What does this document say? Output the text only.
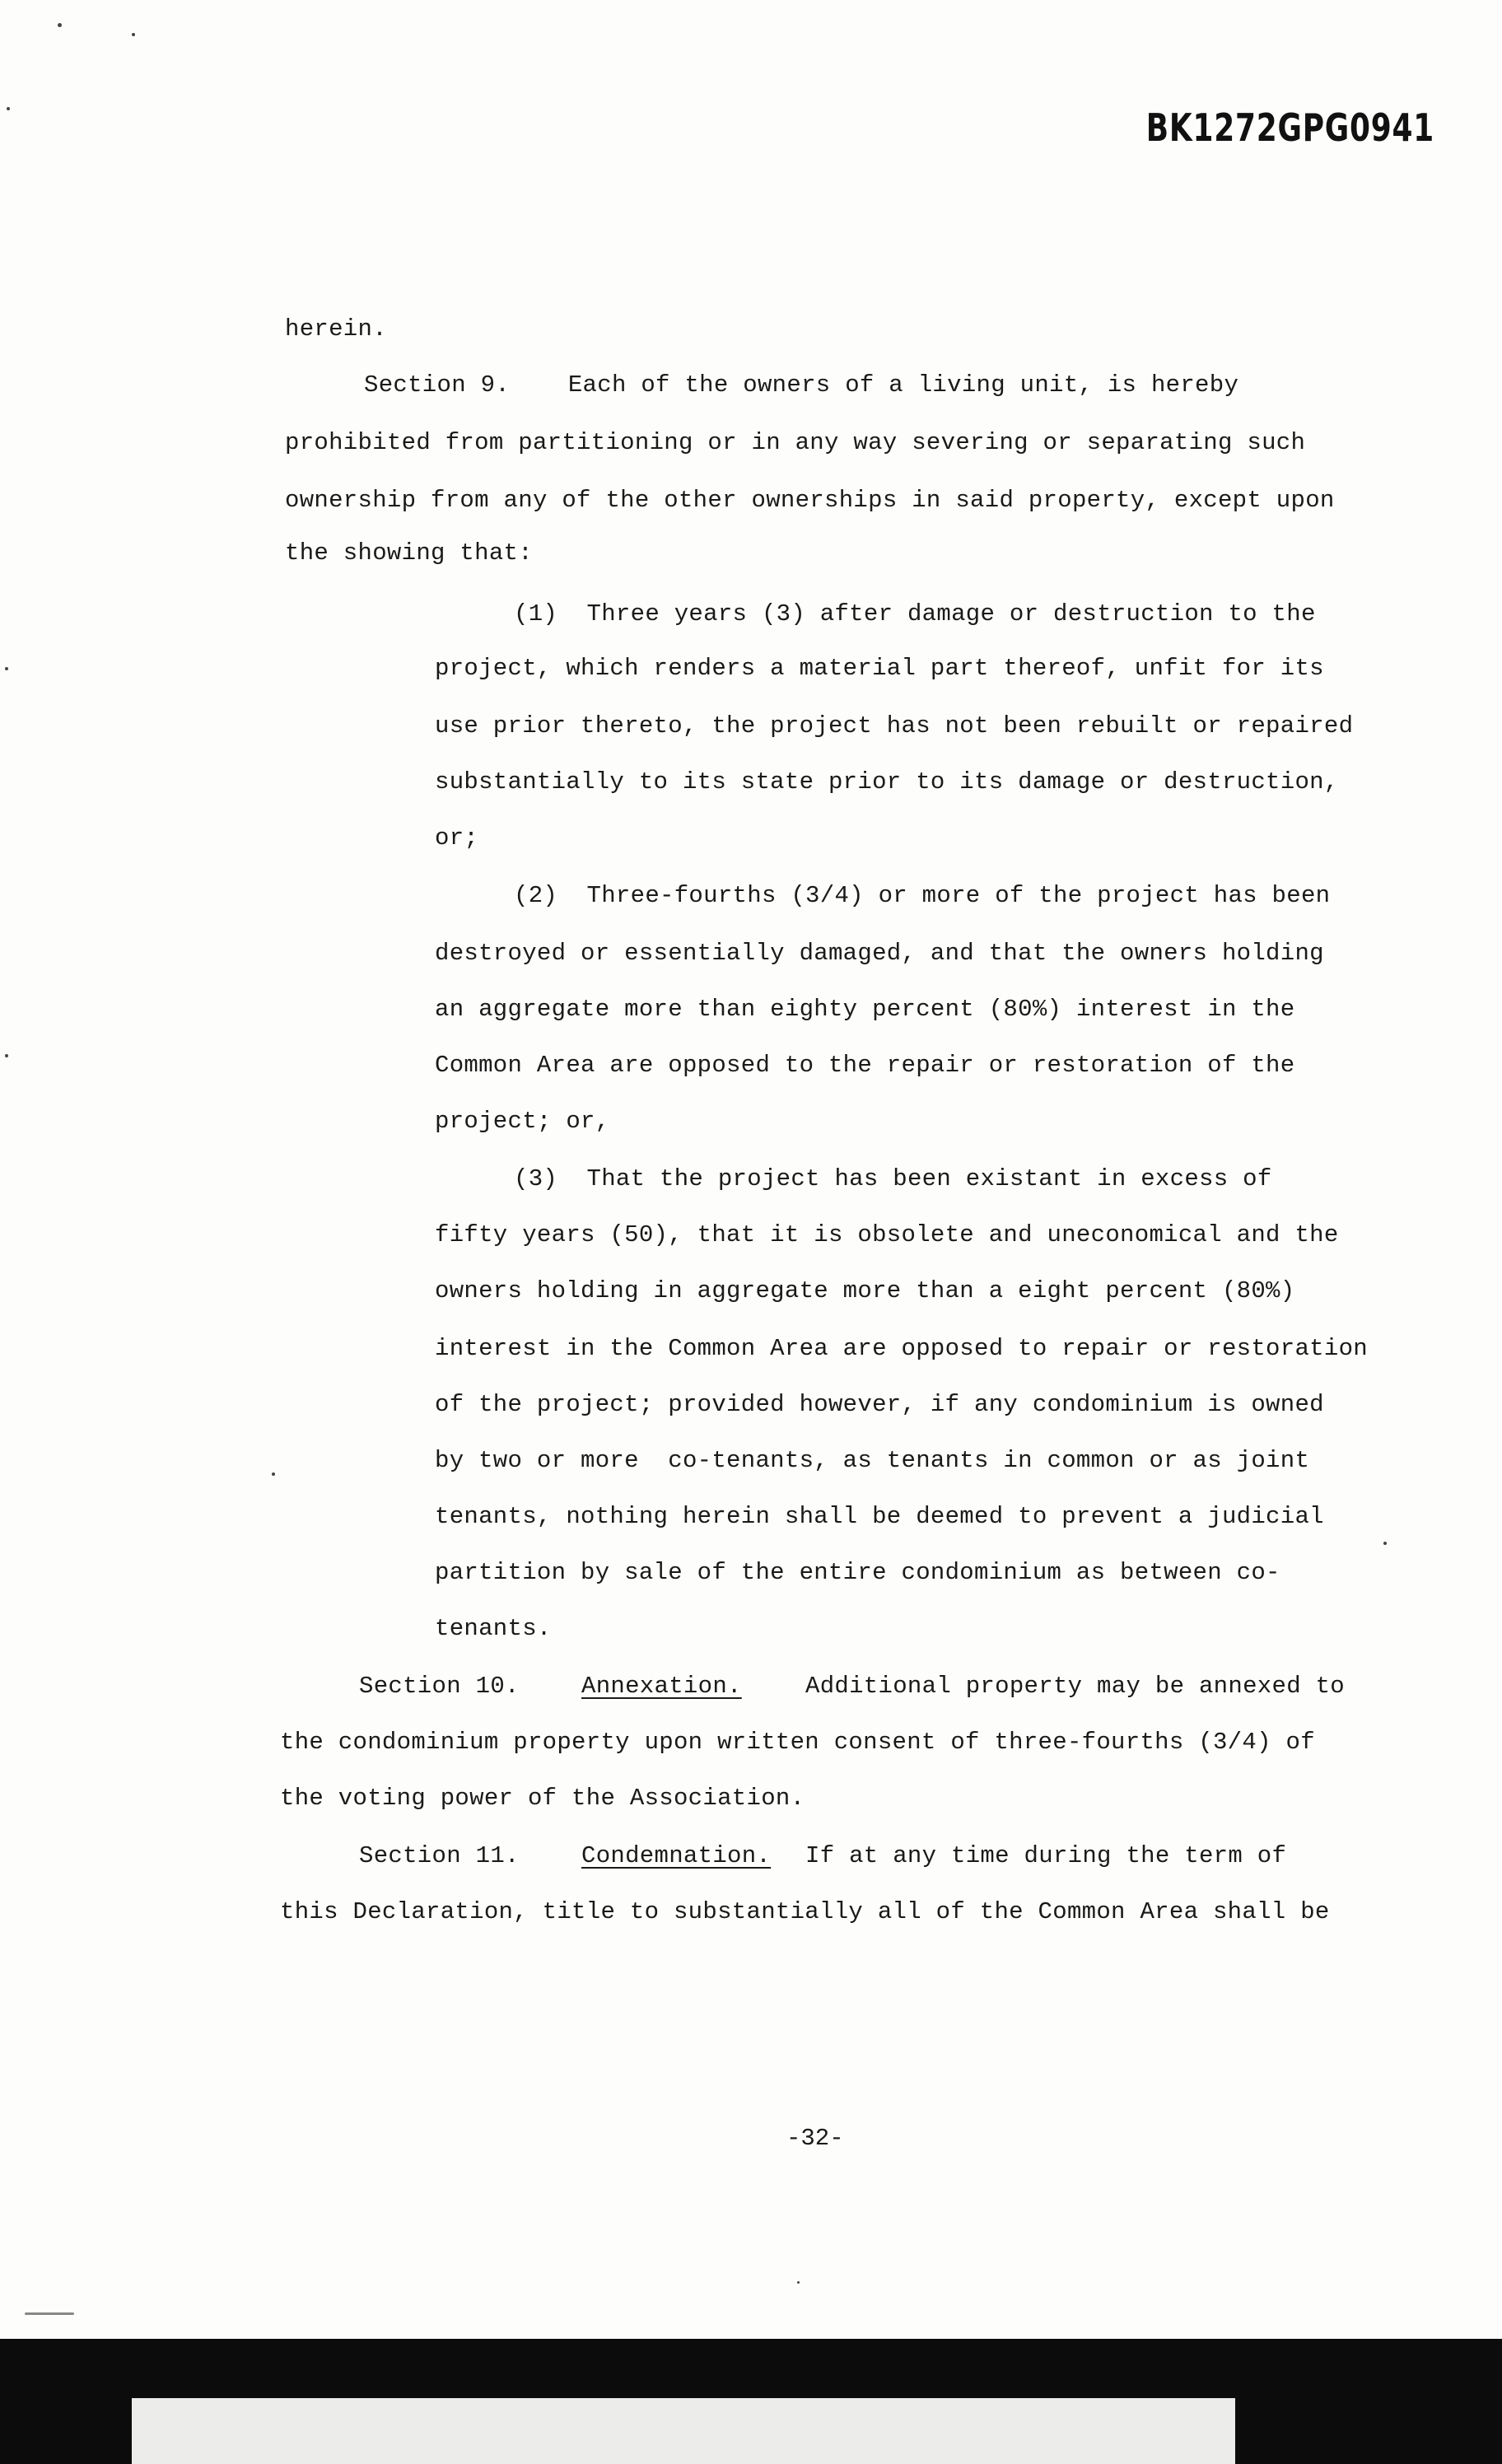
BK1272GPG0941
herein.
Section 9.    Each of the owners of a living unit, is hereby
prohibited from partitioning or in any way severing or separating such
ownership from any of the other ownerships in said property, except upon
the showing that:
(1)  Three years (3) after damage or destruction to the
project, which renders a material part thereof, unfit for its
use prior thereto, the project has not been rebuilt or repaired
substantially to its state prior to its damage or destruction,
or;
(2)  Three-fourths (3/4) or more of the project has been
destroyed or essentially damaged, and that the owners holding
an aggregate more than eighty percent (80%) interest in the
Common Area are opposed to the repair or restoration of the
project; or,
(3)  That the project has been existant in excess of
fifty years (50), that it is obsolete and uneconomical and the
owners holding in aggregate more than a eight percent (80%)
interest in the Common Area are opposed to repair or restoration
of the project; provided however, if any condominium is owned
by two or more  co-tenants, as tenants in common or as joint
tenants, nothing herein shall be deemed to prevent a judicial
partition by sale of the entire condominium as between co-
tenants.
Section 10.	Annexation.	Additional property may be annexed to
the condominium property upon written consent of three-fourths (3/4) of
the voting power of the Association.
Section 11.	Condemnation. If at any time during the term of
this Declaration, title to substantially all of the Common Area shall be
-32-
